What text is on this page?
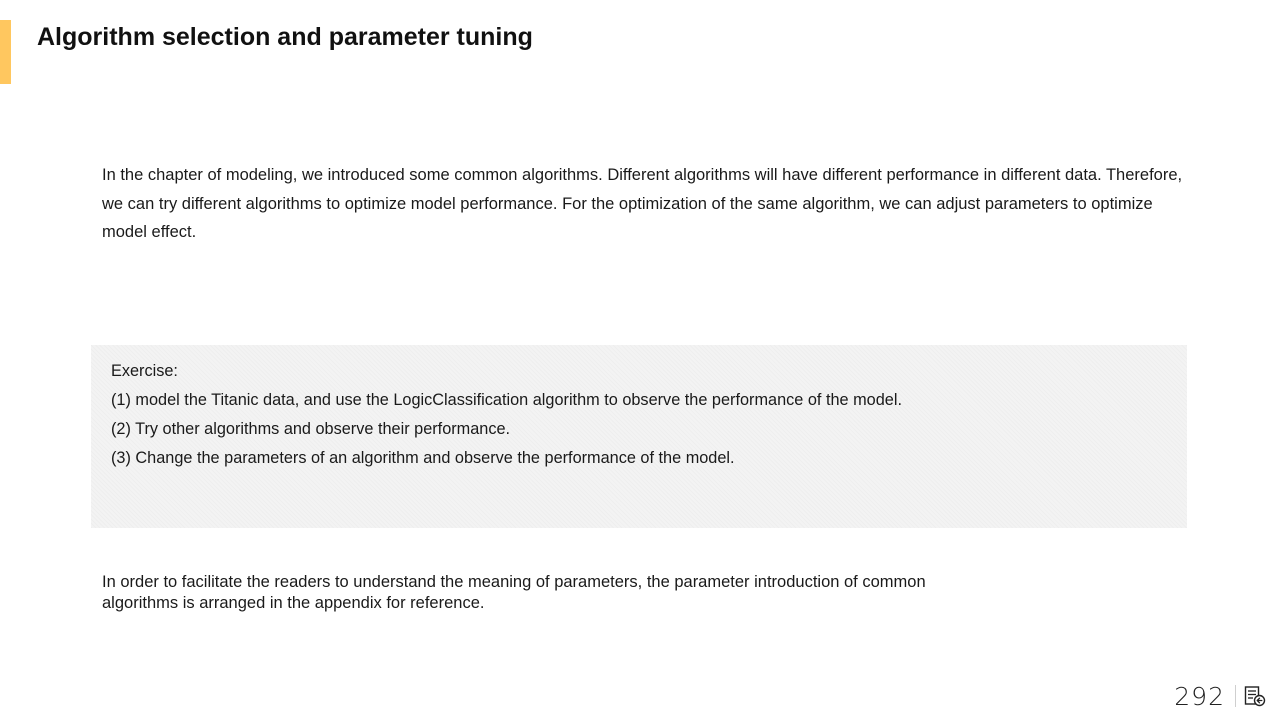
Algorithm selection and parameter tuning

In the chapter of modeling, we introduced some common algorithms. Different algorithms will have different performance in different data. Therefore, we can try different algorithms to optimize model performance. For the optimization of the same algorithm, we can adjust parameters to optimize model effect.

Exercise:

(1) model the Titanic data, and use the LogicClassification algorithm to observe the performance of the model.

(2) Try other algorithms and observe their performance.

(3) Change the parameters of an algorithm and observe the performance of the model.

In order to facilitate the readers to understand the meaning of parameters, the parameter introduction of common algorithms is arranged in the appendix for reference.

292
